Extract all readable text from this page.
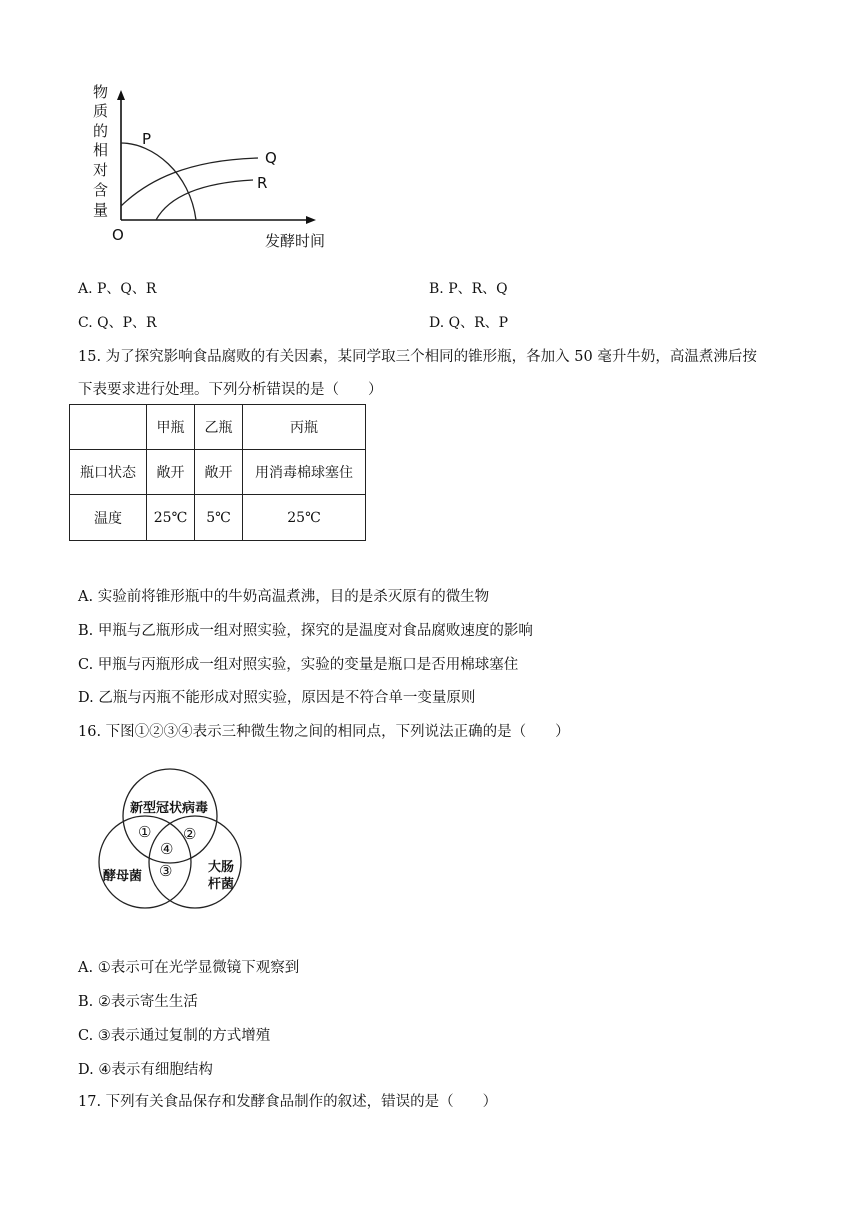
物
质
的
相
对
含
量
P
Q
R
O	发酵时间
A. P、Q、R	B. P、R、Q
C. Q、P、R	D. Q、R、P
15. 为了探究影响食品腐败的有关因素，某同学取三个相同的锥形瓶，各加入 50 毫升牛奶，高温煮沸后按
下表要求进行处理。下列分析错误的是（　　）
	甲瓶	乙瓶	丙瓶
瓶口状态	敞开	敞开	用消毒棉球塞住
温度	25℃	5℃	25℃
A. 实验前将锥形瓶中的牛奶高温煮沸，目的是杀灭原有的微生物
B. 甲瓶与乙瓶形成一组对照实验，探究的是温度对食品腐败速度的影响
C. 甲瓶与丙瓶形成一组对照实验，实验的变量是瓶口是否用棉球塞住
D. 乙瓶与丙瓶不能形成对照实验，原因是不符合单一变量原则
16. 下图①②③④表示三种微生物之间的相同点，下列说法正确的是（　　）
新型冠状病毒
酵母菌
大肠
杆菌
① ②
③
④
A. ①表示可在光学显微镜下观察到
B. ②表示寄生生活
C. ③表示通过复制的方式增殖
D. ④表示有细胞结构
17. 下列有关食品保存和发酵食品制作的叙述，错误的是（　　）
